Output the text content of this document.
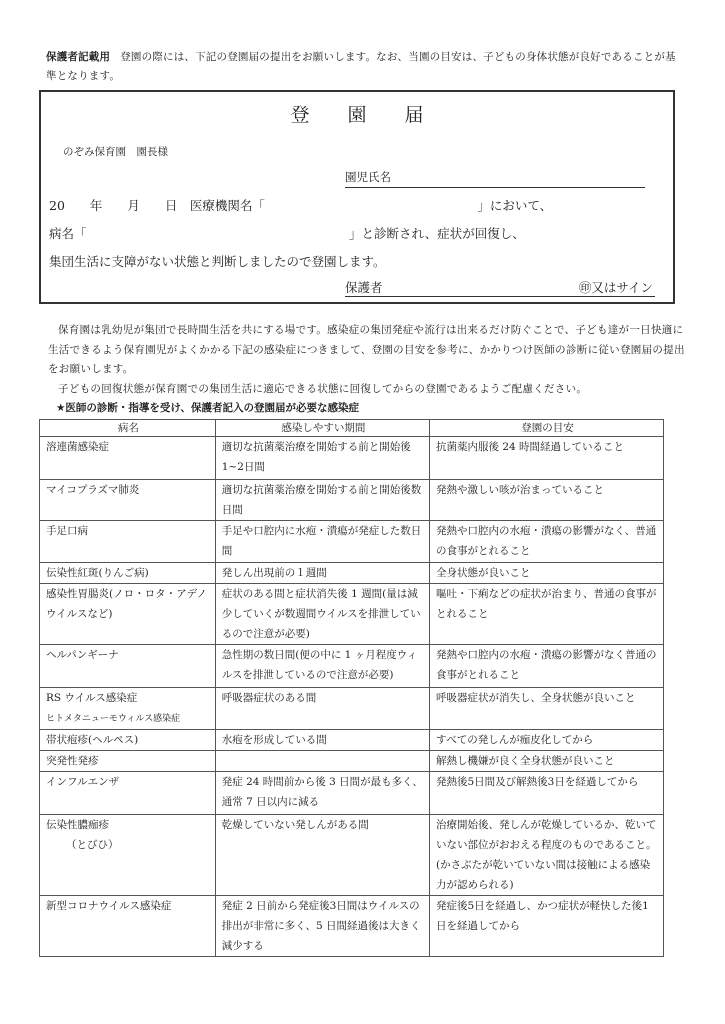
保護者記載用 登園の際には、下記の登園届の提出をお願いします。なお、当園の目安は、子どもの身体状態が良好であることが基準となります。
登 園 届
のぞみ保育園　園長様
園児氏名
20　　年　　月　　日　医療機関名「　　　　　　　　　　　　　　　　　」において、
病名「　　　　　　　　　　　　　　　　　　　　　」と診断され、症状が回復し、
集団生活に支障がない状態と判断しましたので登園します。
保護者	㊞又はサイン

保育園は乳幼児が集団で長時間生活を共にする場です。感染症の集団発症や流行は出来るだけ防ぐことで、子ども達が一日快適に生活できるよう保育園児がよくかかる下記の感染症につきまして、登園の目安を参考に、かかりつけ医師の診断に従い登園届の提出をお願いします。

子どもの回復状態が保育園での集団生活に適応できる状態に回復してからの登園であるようご配慮ください。

★医師の診断・指導を受け、保護者記入の登園届が必要な感染症
病名	感染しやすい期間	登園の目安
溶連菌感染症	適切な抗菌薬治療を開始する前と開始後1~2日間	抗菌薬内服後 24 時間経過していること
マイコプラズマ肺炎	適切な抗菌薬治療を開始する前と開始後数日間	発熱や激しい咳が治まっていること
手足口病	手足や口腔内に水疱・潰瘍が発症した数日間	発熱や口腔内の水疱・潰瘍の影響がなく、普通の食事がとれること
伝染性紅斑(りんご病)	発しん出現前の１週間	全身状態が良いこと
感染性胃腸炎(ノロ・ロタ・アデノウイルスなど)	症状のある間と症状消失後 1 週間(量は減少していくが数週間ウイルスを排泄しているので注意が必要)	嘔吐・下痢などの症状が治まり、普通の食事がとれること
ヘルパンギーナ	急性期の数日間(便の中に 1 ヶ月程度ウィルスを排泄しているので注意が必要)	発熱や口腔内の水疱・潰瘍の影響がなく普通の食事がとれること
RS ウイルス感染症
ヒトメタニューモウィルス感染症	呼吸器症状のある間	呼吸器症状が消失し、全身状態が良いこと
帯状疱疹(ヘルペス)	水疱を形成している間	すべての発しんが痂皮化してから
突発性発疹		解熱し機嫌が良く全身状態が良いこと
インフルエンザ	発症 24 時間前から後 3 日間が最も多く、通常 7 日以内に減る	発熱後5日間及び解熱後3日を経過してから
伝染性膿痂疹
（とびひ）	乾燥していない発しんがある間	治療開始後、発しんが乾燥しているか、乾いていない部位がおおえる程度のものであること。(かさぶたが乾いていない間は接触による感染力が認められる)
新型コロナウイルス感染症	発症 2 日前から発症後3日間はウイルスの排出が非常に多く、5 日間経過後は大きく減少する	発症後5日を経過し、かつ症状が軽快した後1日を経過してから
